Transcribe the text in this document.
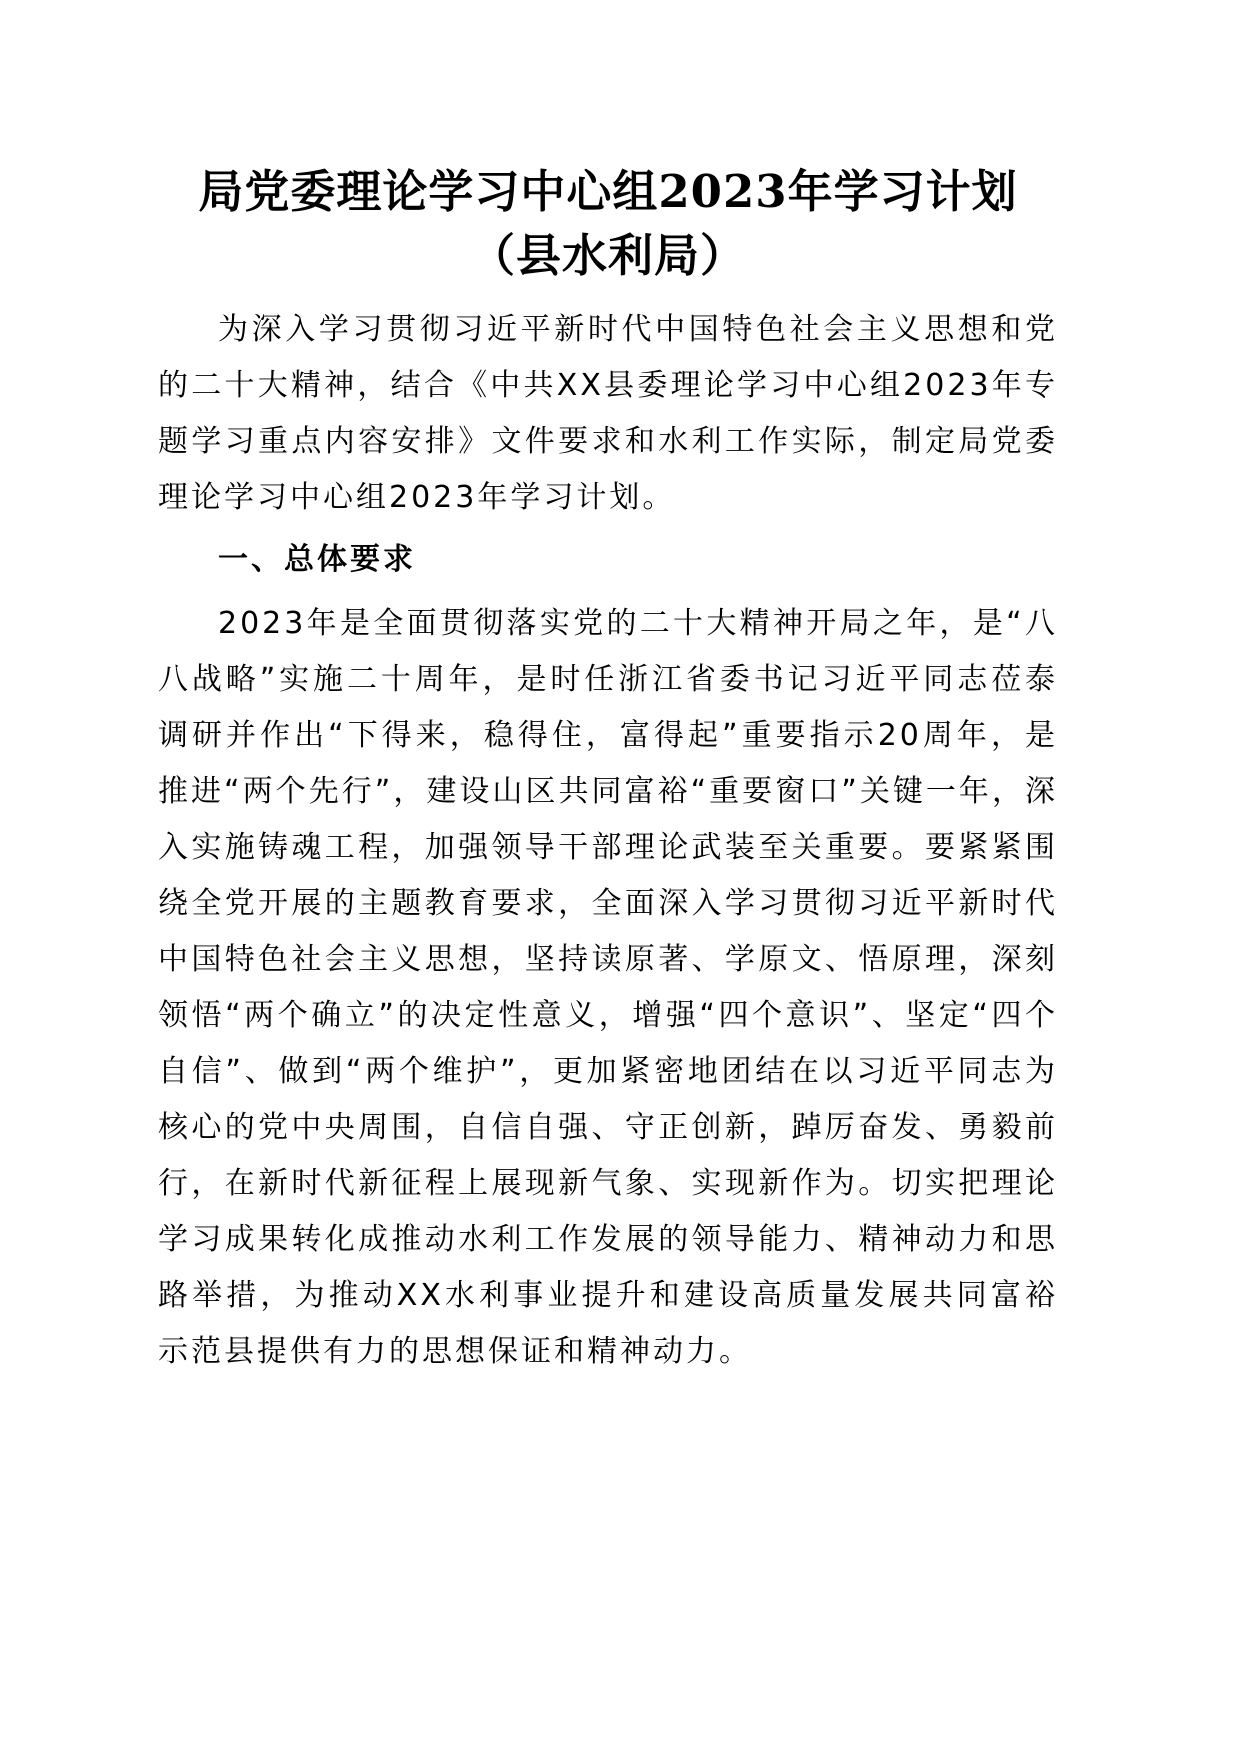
局党委理论学习中心组2023年学习计划（县水利局）

为深入学习贯彻习近平新时代中国特色社会主义思想和党的二十大精神，结合《中共XX县委理论学习中心组2023年专题学习重点内容安排》文件要求和水利工作实际，制定局党委理论学习中心组2023年学习计划。

一、总体要求

2023年是全面贯彻落实党的二十大精神开局之年，是“八八战略”实施二十周年，是时任浙江省委书记习近平同志莅泰调研并作出“下得来，稳得住，富得起”重要指示20周年，是推进“两个先行”，建设山区共同富裕“重要窗口”关键一年，深入实施铸魂工程，加强领导干部理论武装至关重要。要紧紧围绕全党开展的主题教育要求，全面深入学习贯彻习近平新时代中国特色社会主义思想，坚持读原著、学原文、悟原理，深刻领悟“两个确立”的决定性意义，增强“四个意识”、坚定“四个自信”、做到“两个维护”，更加紧密地团结在以习近平同志为核心的党中央周围，自信自强、守正创新，踔厉奋发、勇毅前行，在新时代新征程上展现新气象、实现新作为。切实把理论学习成果转化成推动水利工作发展的领导能力、精神动力和思路举措，为推动XX水利事业提升和建设高质量发展共同富裕示范县提供有力的思想保证和精神动力。
